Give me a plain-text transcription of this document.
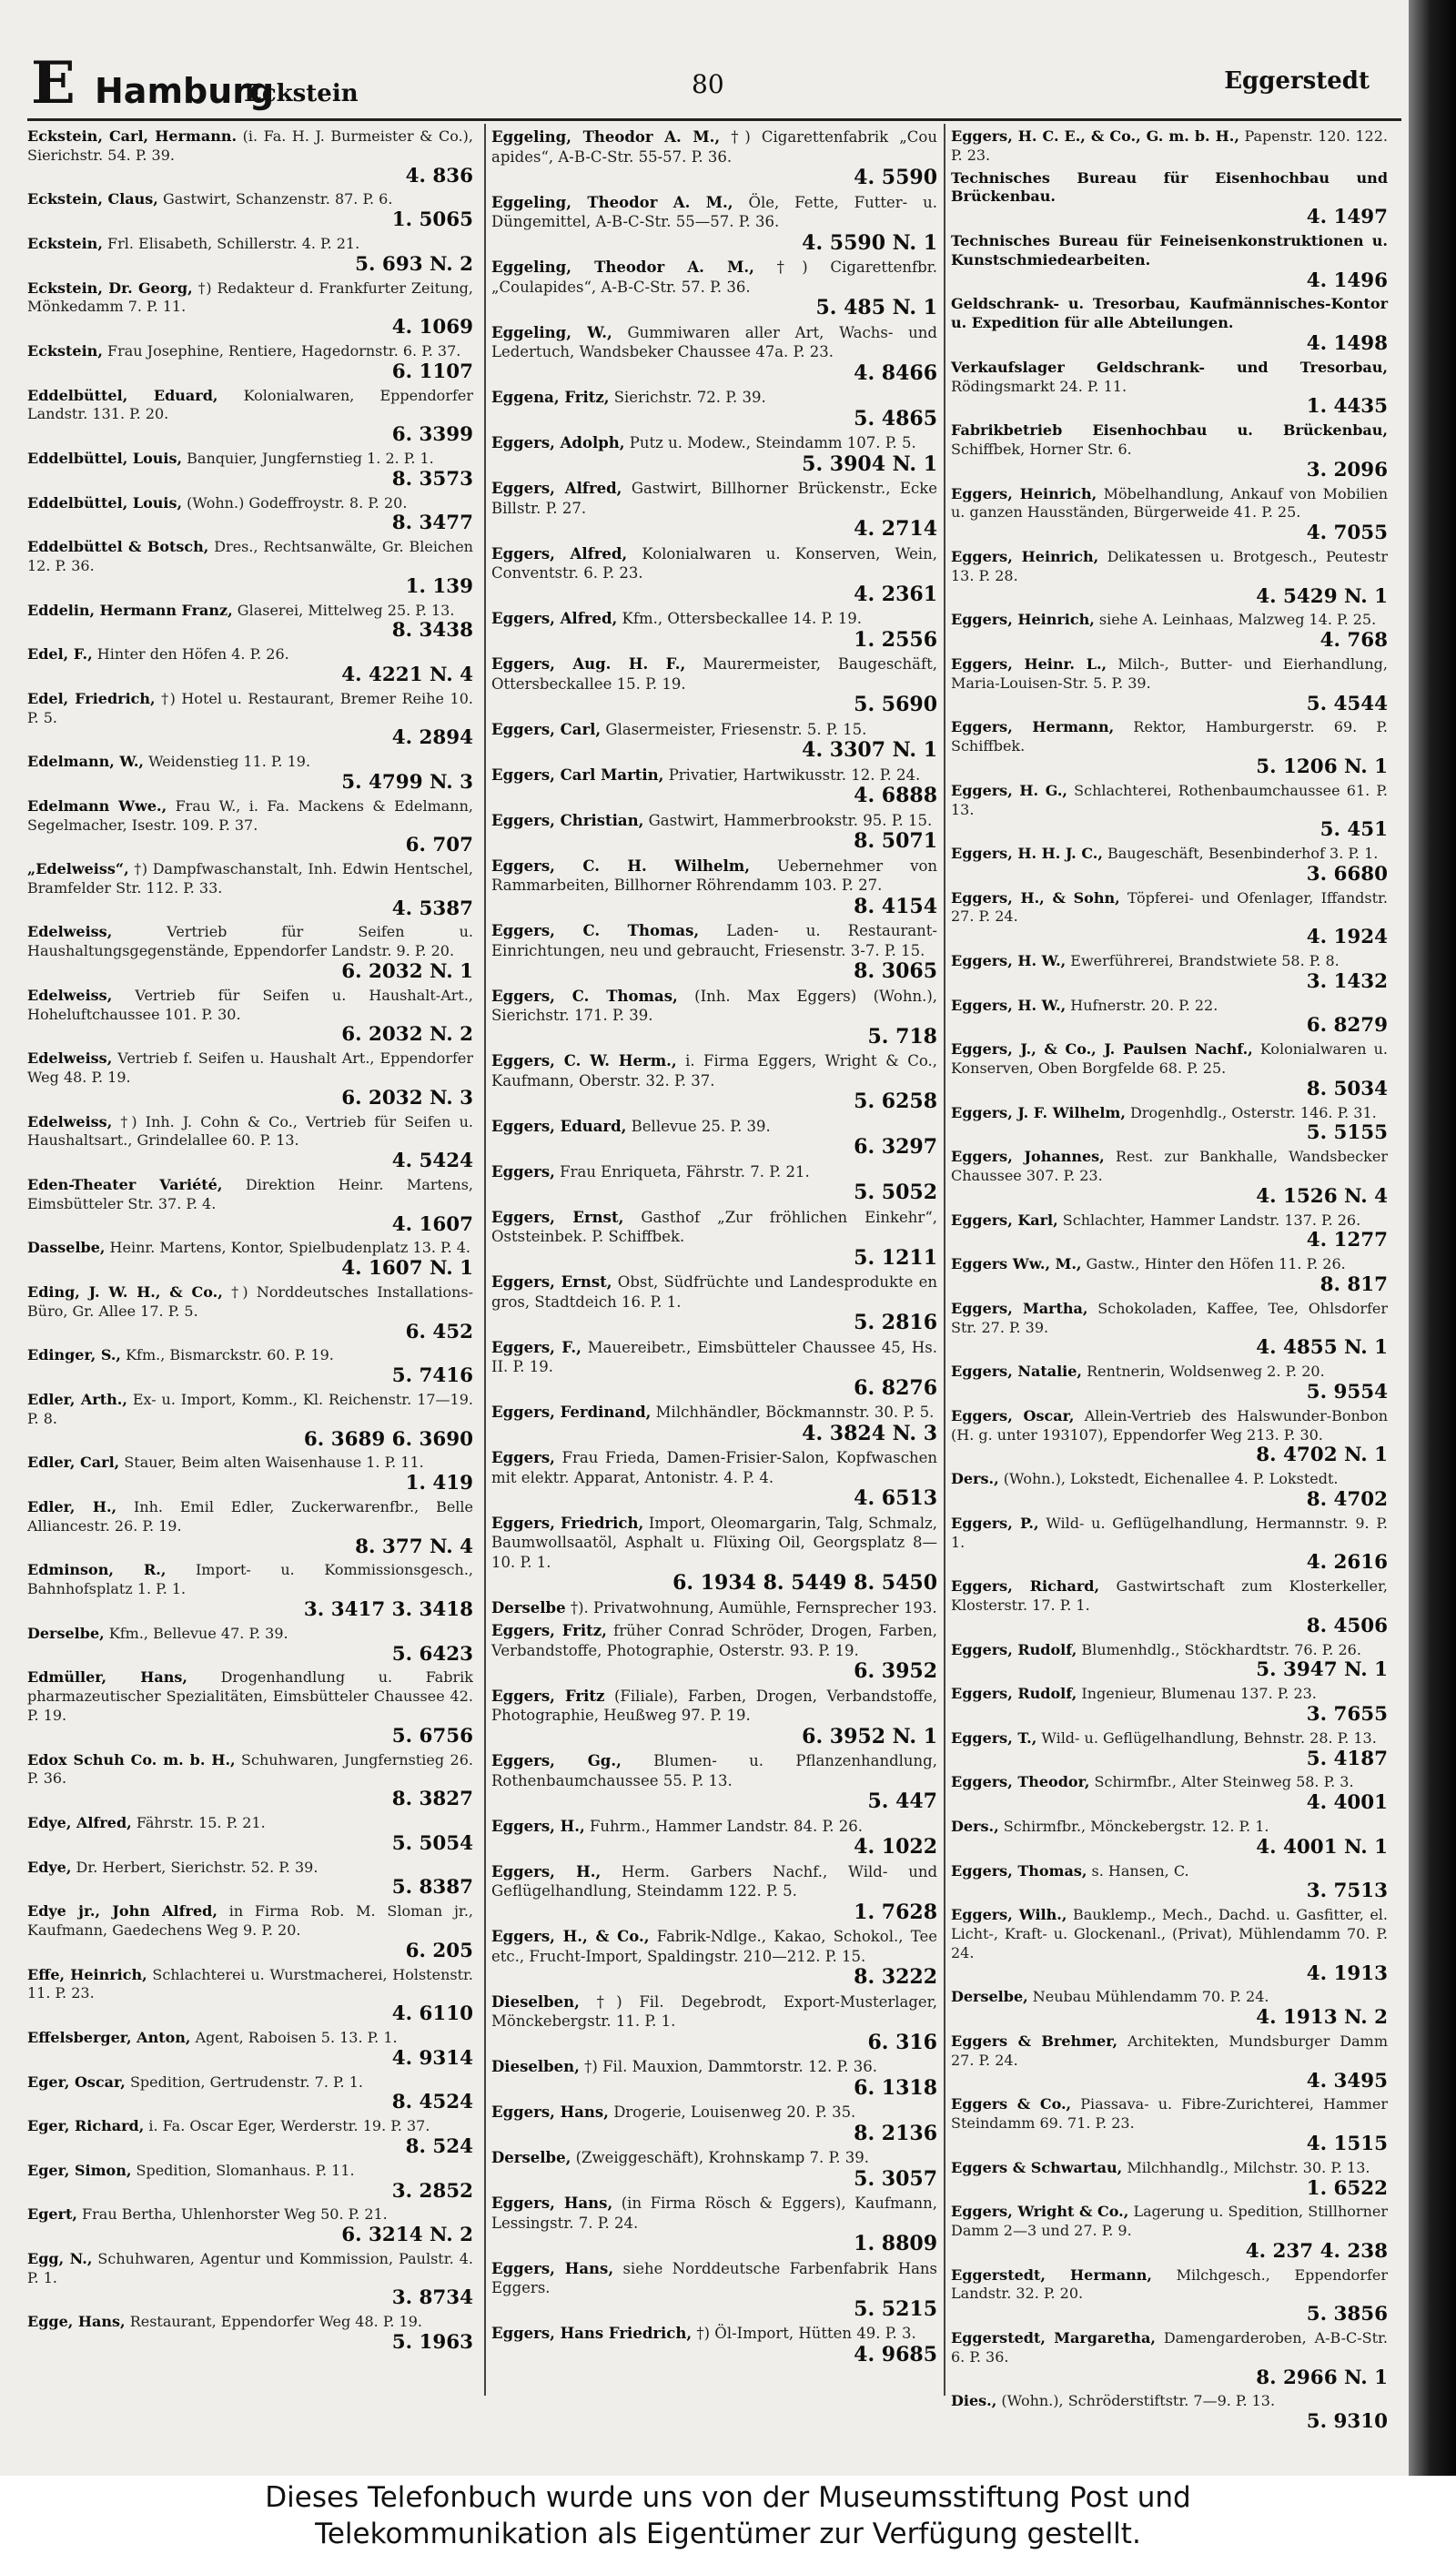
E Hamburg
Eckstein	80	Eggerstedt
Eckstein, Carl, Hermann. (i. Fa. H. J. Burmeister & Co.), Sierichstr. 54. P. 39.
4. 836
Eckstein, Claus, Gastwirt, Schanzenstr. 87. P. 6.
1. 5065
Eckstein, Frl. Elisabeth, Schillerstr. 4. P. 21.
5. 693 N. 2
Eckstein, Dr. Georg, †) Redakteur d. Frankfurter Zeitung, Mönkedamm 7. P. 11.
4. 1069
Eckstein, Frau Josephine, Rentiere, Hagedornstr. 6. P. 37.
6. 1107
Eddelbüttel, Eduard, Kolonialwaren, Eppendorfer Landstr. 131. P. 20.
6. 3399
Eddelbüttel, Louis, Banquier, Jungfernstieg 1. 2. P. 1.
8. 3573
Eddelbüttel, Louis, (Wohn.) Godeffroystr. 8. P. 20.
8. 3477
Eddelbüttel & Botsch, Dres., Rechtsanwälte, Gr. Bleichen 12. P. 36.
1. 139
Eddelin, Hermann Franz, Glaserei, Mittelweg 25. P. 13.
8. 3438
Edel, F., Hinter den Höfen 4. P. 26.
4. 4221 N. 4
Edel, Friedrich, †) Hotel u. Restaurant, Bremer Reihe 10. P. 5.
4. 2894
Edelmann, W., Weidenstieg 11. P. 19.
5. 4799 N. 3
Edelmann Wwe., Frau W., i. Fa. Mackens & Edelmann, Segelmacher, Isestr. 109. P. 37.
6. 707
„Edelweiss“, †) Dampfwaschanstalt, Inh. Edwin Hentschel, Bramfelder Str. 112. P. 33.
4. 5387
Edelweiss,	Vertrieb für Seifen u. Haushaltungsgegenstände, Eppendorfer Landstr. 9. P. 20.
6. 2032 N. 1
Edelweiss, Vertrieb für Seifen u. Haushalt-Art., Hoheluftchaussee 101. P. 30.
6. 2032 N. 2
Edelweiss, Vertrieb f. Seifen u. Haushalt Art., Eppendorfer Weg 48. P. 19.
6. 2032 N. 3
Edelweiss, †) Inh. J. Cohn & Co., Vertrieb für Seifen u. Haushaltsart., Grindelallee 60. P. 13.
4. 5424
Eden-Theater Variété, Direktion Heinr. Martens, Eimsbütteler Str. 37. P. 4.
4. 1607
Dasselbe, Heinr. Martens, Kontor, Spielbudenplatz 13. P. 4.
4. 1607 N. 1
Eding, J. W. H., & Co., †) Norddeutsches Installations-Büro, Gr. Allee 17. P. 5.
6. 452
Edinger, S., Kfm., Bismarckstr. 60. P. 19.
5. 7416
Edler, Arth., Ex- u. Import, Komm., Kl. Reichenstr. 17—19. P. 8.
6. 3689 6. 3690
Edler, Carl, Stauer, Beim alten Waisenhause 1. P. 11.
1. 419
Edler, H., Inh. Emil Edler, Zuckerwarenfbr., Belle Alliancestr. 26. P. 19.
8. 377 N. 4
Edminson, R., Import- u. Kommissionsgesch., Bahnhofsplatz 1. P. 1.
3. 3417 3. 3418
Derselbe, Kfm., Bellevue 47. P. 39.
5. 6423
Edmüller, Hans, Drogenhandlung u. Fabrik pharmazeutischer Spezialitäten, Eimsbütteler Chaussee 42. P. 19.
5. 6756
Edox Schuh Co. m. b. H., Schuhwaren, Jungfernstieg 26. P. 36.
8. 3827
Edye, Alfred, Fährstr. 15. P. 21.
5. 5054
Edye, Dr. Herbert, Sierichstr. 52. P. 39.
5. 8387
Edye jr., John Alfred, in Firma Rob. M. Sloman jr., Kaufmann, Gaedechens Weg 9. P. 20.
6. 205
Effe, Heinrich, Schlachterei u. Wurstmacherei, Holstenstr. 11. P. 23.
4. 6110
Effelsberger, Anton, Agent, Raboisen 5. 13. P. 1.
4. 9314
Eger, Oscar, Spedition, Gertrudenstr. 7. P. 1.
8. 4524
Eger, Richard, i. Fa. Oscar Eger, Werderstr. 19. P. 37.
8. 524
Eger, Simon, Spedition, Slomanhaus. P. 11.
3. 2852
Egert, Frau Bertha, Uhlenhorster Weg 50. P. 21.
6. 3214 N. 2
Egg, N., Schuhwaren, Agentur und Kommission, Paulstr. 4. P. 1.
3. 8734
Egge, Hans, Restaurant, Eppendorfer Weg 48. P. 19.
5. 1963
Eggeling, Theodor A. M., †) Cigarettenfabrik „Cou apides“, A-B-C-Str. 55-57. P. 36.
4. 5590
Eggeling, Theodor A. M., Öle, Fette, Futter- u. Düngemittel, A-B-C-Str. 55—57. P. 36.
4. 5590 N. 1
Eggeling, Theodor A. M., †) Cigarettenfbr. „Coulapides“, A-B-C-Str. 57. P. 36.
5. 485 N. 1
Eggeling, W., Gummiwaren aller Art, Wachs- und Ledertuch, Wandsbeker Chaussee 47a. P. 23.
4. 8466
Eggena, Fritz, Sierichstr. 72. P. 39.
5. 4865
Eggers, Adolph, Putz u. Modew., Steindamm 107. P. 5.
5. 3904 N. 1
Eggers, Alfred, Gastwirt, Billhorner Brückenstr., Ecke Billstr. P. 27.
4. 2714
Eggers, Alfred, Kolonialwaren u. Konserven, Wein, Conventstr. 6. P. 23.
4. 2361
Eggers, Alfred, Kfm., Ottersbeckallee 14. P. 19.
1. 2556
Eggers, Aug. H. F., Maurermeister, Baugeschäft, Ottersbeckallee 15. P. 19.
5. 5690
Eggers, Carl, Glasermeister, Friesenstr. 5. P. 15.
4. 3307 N. 1
Eggers, Carl Martin, Privatier, Hartwikusstr. 12. P. 24.
4. 6888
Eggers, Christian, Gastwirt, Hammerbrookstr. 95. P. 15.
8. 5071
Eggers, C. H. Wilhelm, Uebernehmer von Rammarbeiten, Billhorner Röhrendamm 103. P. 27.
8. 4154
Eggers, C. Thomas, Laden- u. Restaurant-Einrichtungen, neu und gebraucht, Friesenstr. 3-7. P. 15.
8. 3065
Eggers, C. Thomas, (Inh. Max Eggers) (Wohn.), Sierichstr. 171. P. 39.
5. 718
Eggers, C. W. Herm., i. Firma Eggers, Wright & Co., Kaufmann, Oberstr. 32. P. 37.
5. 6258
Eggers, Eduard, Bellevue 25. P. 39.
6. 3297
Eggers, Frau Enriqueta, Fährstr. 7. P. 21.
5. 5052
Eggers, Ernst, Gasthof „Zur fröhlichen Einkehr“, Oststeinbek. P. Schiffbek.
5. 1211
Eggers, Ernst, Obst, Südfrüchte und Landesprodukte en gros, Stadtdeich 16. P. 1.
5. 2816
Eggers, F., Mauereibetr., Eimsbütteler Chaussee 45, Hs. II. P. 19.
6. 8276
Eggers, Ferdinand, Milchhändler, Böckmannstr. 30. P. 5.
4. 3824 N. 3
Eggers, Frau Frieda, Damen-Frisier-Salon, Kopfwaschen mit elektr. Apparat, Antonistr. 4. P. 4.
4. 6513
Eggers, Friedrich, Import, Oleomargarin, Talg, Schmalz, Baumwollsaatöl, Asphalt u. Flüxing Oil, Georgsplatz 8—10. P. 1.
6. 1934 8. 5449 8. 5450
Derselbe †). Privatwohnung, Aumühle, Fernsprecher 193.
Eggers, Fritz, früher Conrad Schröder, Drogen, Farben, Verbandstoffe, Photographie, Osterstr. 93. P. 19.
6. 3952
Eggers, Fritz (Filiale), Farben, Drogen, Verbandstoffe, Photographie, Heußweg 97. P. 19.
6. 3952 N. 1
Eggers, Gg., Blumen- u. Pflanzenhandlung, Rothenbaumchaussee 55. P. 13.
5. 447
Eggers, H., Fuhrm., Hammer Landstr. 84. P. 26.
4. 1022
Eggers, H., Herm. Garbers Nachf., Wild- und Geflügelhandlung, Steindamm 122. P. 5.
1. 7628
Eggers, H., & Co., Fabrik-Ndlge., Kakao, Schokol., Tee etc., Frucht-Import, Spaldingstr. 210—212. P. 15.
8. 3222
Dieselben, †) Fil. Degebrodt, Export-Musterlager, Mönckebergstr. 11. P. 1.
6. 316
Dieselben, †) Fil. Mauxion, Dammtorstr. 12. P. 36.
6. 1318
Eggers, Hans, Drogerie, Louisenweg 20. P. 35.
8. 2136
Derselbe, (Zweiggeschäft), Krohnskamp 7. P. 39.
5. 3057
Eggers, Hans, (in Firma Rösch & Eggers), Kaufmann, Lessingstr. 7. P. 24.
1. 8809
Eggers, Hans, siehe Norddeutsche Farbenfabrik Hans Eggers.
5. 5215
Eggers, Hans Friedrich, †) Öl-Import, Hütten 49. P. 3.
4. 9685
Eggers, H. C. E., & Co., G. m. b. H., Papenstr. 120. 122. P. 23.
Technisches Bureau für Eisenhochbau und Brückenbau.
4. 1497
Technisches Bureau für Feineisenkonstruktionen u. Kunstschmiedearbeiten.
4. 1496
Geldschrank- u. Tresorbau, Kaufmännisches-Kontor u. Expedition für alle Abteilungen.
4. 1498
Verkaufslager Geldschrank- und Tresorbau, Rödingsmarkt 24. P. 11.
1. 4435
Fabrikbetrieb Eisenhochbau u. Brückenbau, Schiffbek, Horner Str. 6.
3. 2096
Eggers, Heinrich, Möbelhandlung, Ankauf von Mobilien u. ganzen Hausständen, Bürgerweide 41. P. 25.
4. 7055
Eggers, Heinrich, Delikatessen u. Brotgesch., Peutestr 13. P. 28.
4. 5429 N. 1
Eggers, Heinrich, siehe A. Leinhaas, Malzweg 14. P. 25.
4. 768
Eggers, Heinr. L., Milch-, Butter- und Eierhandlung, Maria-Louisen-Str. 5. P. 39.
5. 4544
Eggers, Hermann, Rektor, Hamburgerstr. 69. P. Schiffbek.
5. 1206 N. 1
Eggers, H. G., Schlachterei, Rothenbaumchaussee 61. P. 13.
5. 451
Eggers, H. H. J. C., Baugeschäft, Besenbinderhof 3. P. 1.
3. 6680
Eggers, H., & Sohn, Töpferei- und Ofenlager, Iffandstr. 27. P. 24.
4. 1924
Eggers, H. W., Ewerführerei, Brandstwiete 58. P. 8.
3. 1432
Eggers, H. W., Hufnerstr. 20. P. 22.
6. 8279
Eggers, J., & Co., J. Paulsen Nachf., Kolonialwaren u. Konserven, Oben Borgfelde 68. P. 25.
8. 5034
Eggers, J. F. Wilhelm, Drogenhdlg., Osterstr. 146. P. 31.
5. 5155
Eggers, Johannes, Rest. zur Bankhalle, Wandsbecker Chaussee 307. P. 23.
4. 1526 N. 4
Eggers, Karl, Schlachter, Hammer Landstr. 137. P. 26.
4. 1277
Eggers Ww., M., Gastw., Hinter den Höfen 11. P. 26.
8. 817
Eggers, Martha, Schokoladen, Kaffee, Tee, Ohlsdorfer Str. 27. P. 39.
4. 4855 N. 1
Eggers, Natalie, Rentnerin, Woldsenweg 2. P. 20.
5. 9554
Eggers, Oscar, Allein-Vertrieb des Halswunder-Bonbon (H. g. unter 193107), Eppendorfer Weg 213. P. 30.
8. 4702 N. 1
Ders., (Wohn.), Lokstedt, Eichenallee 4. P. Lokstedt.
8. 4702
Eggers, P., Wild- u. Geflügelhandlung, Hermannstr. 9. P. 1.
4. 2616
Eggers, Richard, Gastwirtschaft zum Klosterkeller, Klosterstr. 17. P. 1.
8. 4506
Eggers, Rudolf, Blumenhdlg., Stöckhardtstr. 76. P. 26.
5. 3947 N. 1
Eggers, Rudolf, Ingenieur, Blumenau 137. P. 23.
3. 7655
Eggers, T., Wild- u. Geflügelhandlung, Behnstr. 28. P. 13.
5. 4187
Eggers, Theodor, Schirmfbr., Alter Steinweg 58. P. 3.
4. 4001
Ders., Schirmfbr., Mönckebergstr. 12. P. 1.
4. 4001 N. 1
Eggers, Thomas, s. Hansen, C.
3. 7513
Eggers, Wilh., Bauklemp., Mech., Dachd. u. Gasfitter, el. Licht-, Kraft- u. Glockenanl., (Privat), Mühlendamm 70. P. 24.
4. 1913
Derselbe, Neubau Mühlendamm 70. P. 24.
4. 1913 N. 2
Eggers & Brehmer, Architekten, Mundsburger Damm 27. P. 24.
4. 3495
Eggers & Co., Piassava- u. Fibre-Zurichterei, Hammer Steindamm 69. 71. P. 23.
4. 1515
Eggers & Schwartau, Milchhandlg., Milchstr. 30. P. 13.
1. 6522
Eggers, Wright & Co., Lagerung u. Spedition, Stillhorner Damm 2—3 und 27. P. 9.
4. 237 4. 238
Eggerstedt, Hermann, Milchgesch., Eppendorfer Landstr. 32. P. 20.
5. 3856
Eggerstedt, Margaretha, Damengarderoben, A-B-C-Str. 6. P. 36.
8. 2966 N. 1
Dies., (Wohn.), Schröderstiftstr. 7—9. P. 13.
5. 9310
Dieses Telefonbuch wurde uns von der Museumsstiftung Post und
Telekommunikation als Eigentümer zur Verfügung gestellt.
